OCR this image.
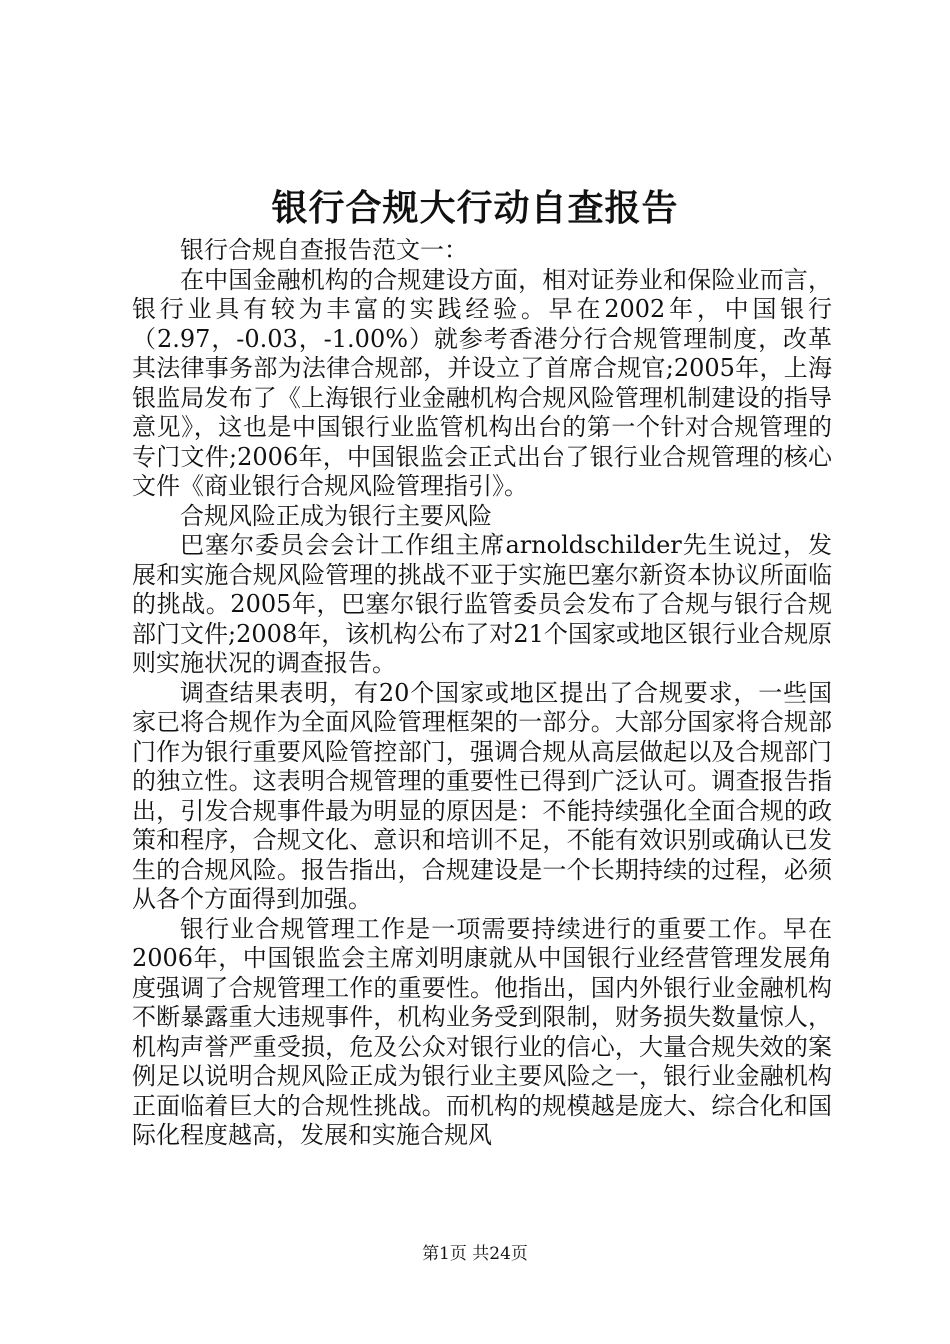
银行合规大行动自查报告

银行合规自查报告范文一：

在中国金融机构的合规建设方面，相对证券业和保险业而言，银行业具有较为丰富的实践经验。早在2002年，中国银行（2.97，-0.03，-1.00%）就参考香港分行合规管理制度，改革其法律事务部为法律合规部，并设立了首席合规官;2005年，上海银监局发布了《上海银行业金融机构合规风险管理机制建设的指导意见》，这也是中国银行业监管机构出台的第一个针对合规管理的专门文件;2006年，中国银监会正式出台了银行业合规管理的核心文件《商业银行合规风险管理指引》。

合规风险正成为银行主要风险

巴塞尔委员会会计工作组主席arnoldschilder先生说过，发展和实施合规风险管理的挑战不亚于实施巴塞尔新资本协议所面临的挑战。2005年，巴塞尔银行监管委员会发布了合规与银行合规部门文件;2008年，该机构公布了对21个国家或地区银行业合规原则实施状况的调查报告。

调查结果表明，有20个国家或地区提出了合规要求，一些国家已将合规作为全面风险管理框架的一部分。大部分国家将合规部门作为银行重要风险管控部门，强调合规从高层做起以及合规部门的独立性。这表明合规管理的重要性已得到广泛认可。调查报告指出，引发合规事件最为明显的原因是：不能持续强化全面合规的政策和程序，合规文化、意识和培训不足，不能有效识别或确认已发生的合规风险。报告指出，合规建设是一个长期持续的过程，必须从各个方面得到加强。

银行业合规管理工作是一项需要持续进行的重要工作。早在2006年，中国银监会主席刘明康就从中国银行业经营管理发展角度强调了合规管理工作的重要性。他指出，国内外银行业金融机构不断暴露重大违规事件，机构业务受到限制，财务损失数量惊人，机构声誉严重受损，危及公众对银行业的信心，大量合规失效的案例足以说明合规风险正成为银行业主要风险之一，银行业金融机构正面临着巨大的合规性挑战。而机构的规模越是庞大、综合化和国际化程度越高，发展和实施合规风

第1页 共24页
